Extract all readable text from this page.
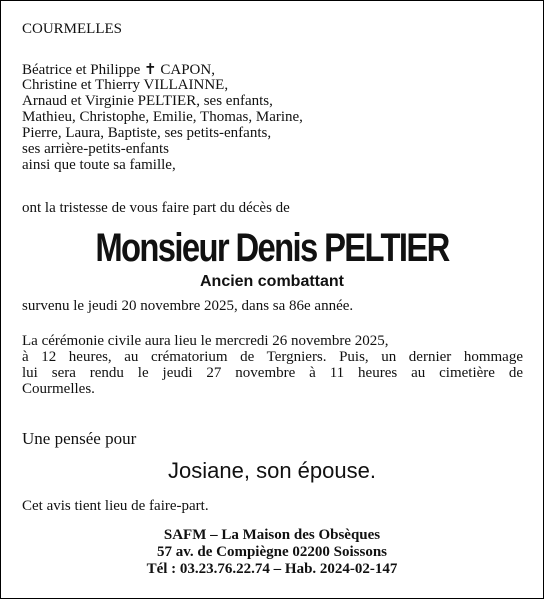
COURMELLES
Béatrice et Philippe ✝ CAPON,
Christine et Thierry VILLAINNE,
Arnaud et Virginie PELTIER, ses enfants,
Mathieu, Christophe, Emilie, Thomas, Marine,
Pierre, Laura, Baptiste, ses petits-enfants,
ses arrière-petits-enfants
ainsi que toute sa famille,
ont la tristesse de vous faire part du décès de
Monsieur Denis PELTIER
Ancien combattant
survenu le jeudi 20 novembre 2025, dans sa 86e année.
La cérémonie civile aura lieu le mercredi 26 novembre 2025,
à 12 heures, au crématorium de Tergniers. Puis, un dernier hommage
lui sera rendu le jeudi 27 novembre à 11 heures au cimetière de
Courmelles.
Une pensée pour
Josiane, son épouse.
Cet avis tient lieu de faire-part.
SAFM – La Maison des Obsèques
57 av. de Compiègne 02200 Soissons
Tél : 03.23.76.22.74 – Hab. 2024-02-147
